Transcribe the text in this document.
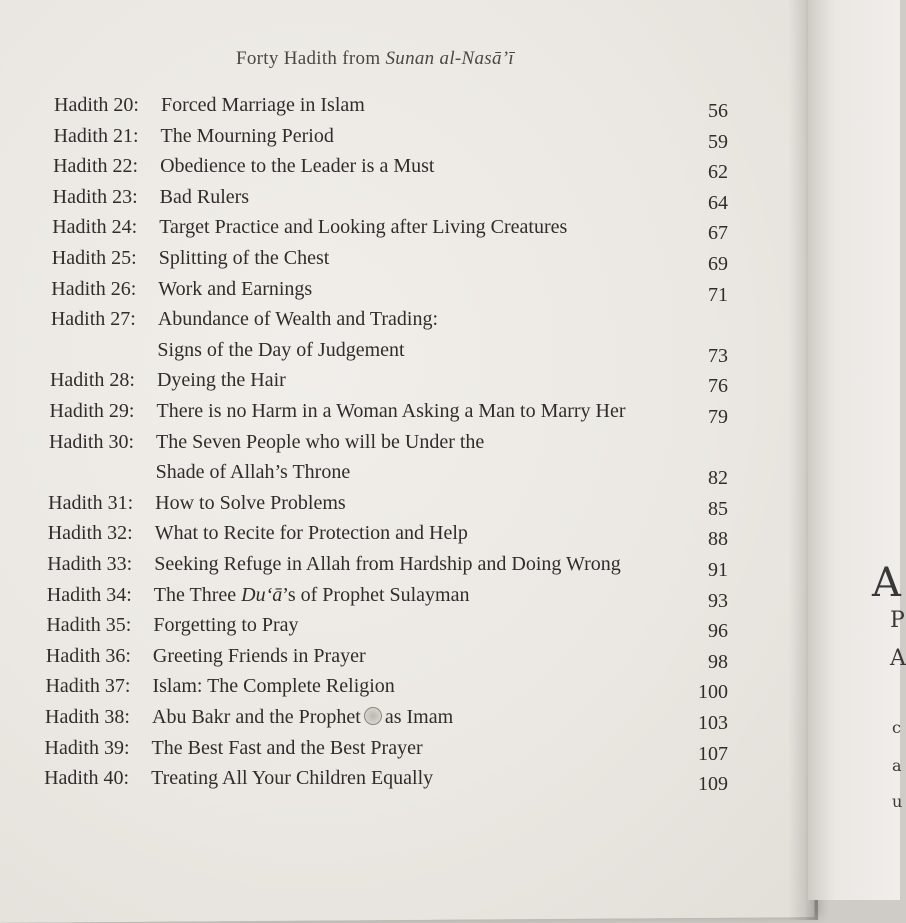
A
P
A
c
a
u
Forty Hadith from Sunan al-Nasā’ī
Hadith 20: Forced Marriage in Islam	56
Hadith 21: The Mourning Period	59
Hadith 22: Obedience to the Leader is a Must	62
Hadith 23: Bad Rulers	64
Hadith 24: Target Practice and Looking after Living Creatures	67
Hadith 25: Splitting of the Chest	69
Hadith 26: Work and Earnings	71
Hadith 27: Abundance of Wealth and Trading:
Signs of the Day of Judgement	73
Hadith 28: Dyeing the Hair	76
Hadith 29: There is no Harm in a Woman Asking a Man to Marry Her	79
Hadith 30: The Seven People who will be Under the
Shade of Allah’s Throne	82
Hadith 31: How to Solve Problems	85
Hadith 32: What to Recite for Protection and Help	88
Hadith 33: Seeking Refuge in Allah from Hardship and Doing Wrong	91
Hadith 34: The Three Du‘ā’s of Prophet Sulayman	93
Hadith 35: Forgetting to Pray	96
Hadith 36: Greeting Friends in Prayer	98
Hadith 37: Islam: The Complete Religion	100
Hadith 38: Abu Bakr and the Prophet as Imam	103
Hadith 39: The Best Fast and the Best Prayer	107
Hadith 40: Treating All Your Children Equally	109
